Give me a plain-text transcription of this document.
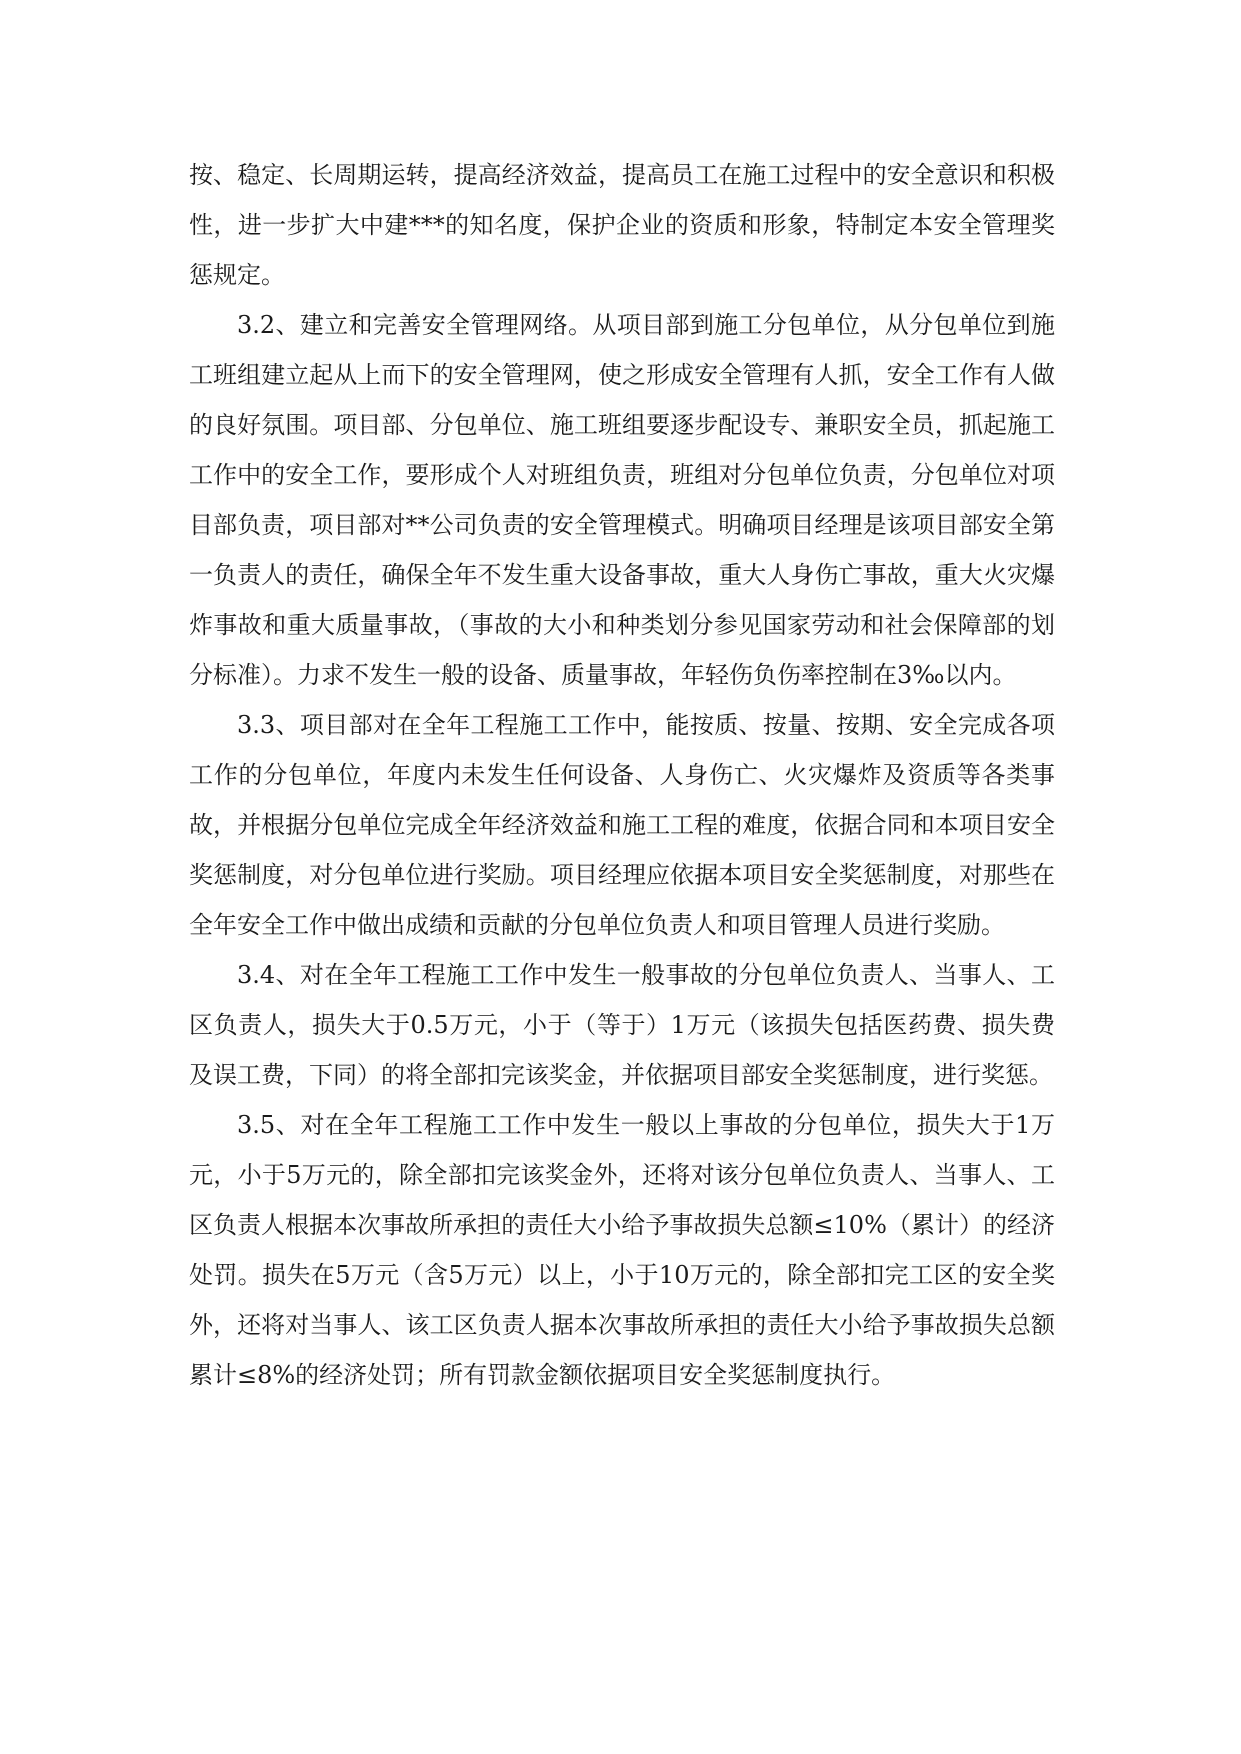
按、稳定、长周期运转，提高经济效益，提高员工在施工过程中的安全意识和积极性，进一步扩大中建***的知名度，保护企业的资质和形象，特制定本安全管理奖惩规定。

3.2、建立和完善安全管理网络。从项目部到施工分包单位，从分包单位到施工班组建立起从上而下的安全管理网，使之形成安全管理有人抓，安全工作有人做的良好氛围。项目部、分包单位、施工班组要逐步配设专、兼职安全员，抓起施工工作中的安全工作，要形成个人对班组负责，班组对分包单位负责，分包单位对项目部负责，项目部对**公司负责的安全管理模式。明确项目经理是该项目部安全第一负责人的责任，确保全年不发生重大设备事故，重大人身伤亡事故，重大火灾爆炸事故和重大质量事故，（事故的大小和种类划分参见国家劳动和社会保障部的划分标准）。力求不发生一般的设备、质量事故，年轻伤负伤率控制在3‰以内。

3.3、项目部对在全年工程施工工作中，能按质、按量、按期、安全完成各项工作的分包单位，年度内未发生任何设备、人身伤亡、火灾爆炸及资质等各类事故，并根据分包单位完成全年经济效益和施工工程的难度，依据合同和本项目安全奖惩制度，对分包单位进行奖励。项目经理应依据本项目安全奖惩制度，对那些在全年安全工作中做出成绩和贡献的分包单位负责人和项目管理人员进行奖励。

3.4、对在全年工程施工工作中发生一般事故的分包单位负责人、当事人、工区负责人，损失大于0.5万元，小于（等于）1万元（该损失包括医药费、损失费及误工费，下同）的将全部扣完该奖金，并依据项目部安全奖惩制度，进行奖惩。

3.5、对在全年工程施工工作中发生一般以上事故的分包单位，损失大于1万元，小于5万元的，除全部扣完该奖金外，还将对该分包单位负责人、当事人、工区负责人根据本次事故所承担的责任大小给予事故损失总额≤10%（累计）的经济处罚。损失在5万元（含5万元）以上，小于10万元的，除全部扣完工区的安全奖外，还将对当事人、该工区负责人据本次事故所承担的责任大小给予事故损失总额累计≤8%的经济处罚；所有罚款金额依据项目安全奖惩制度执行。
